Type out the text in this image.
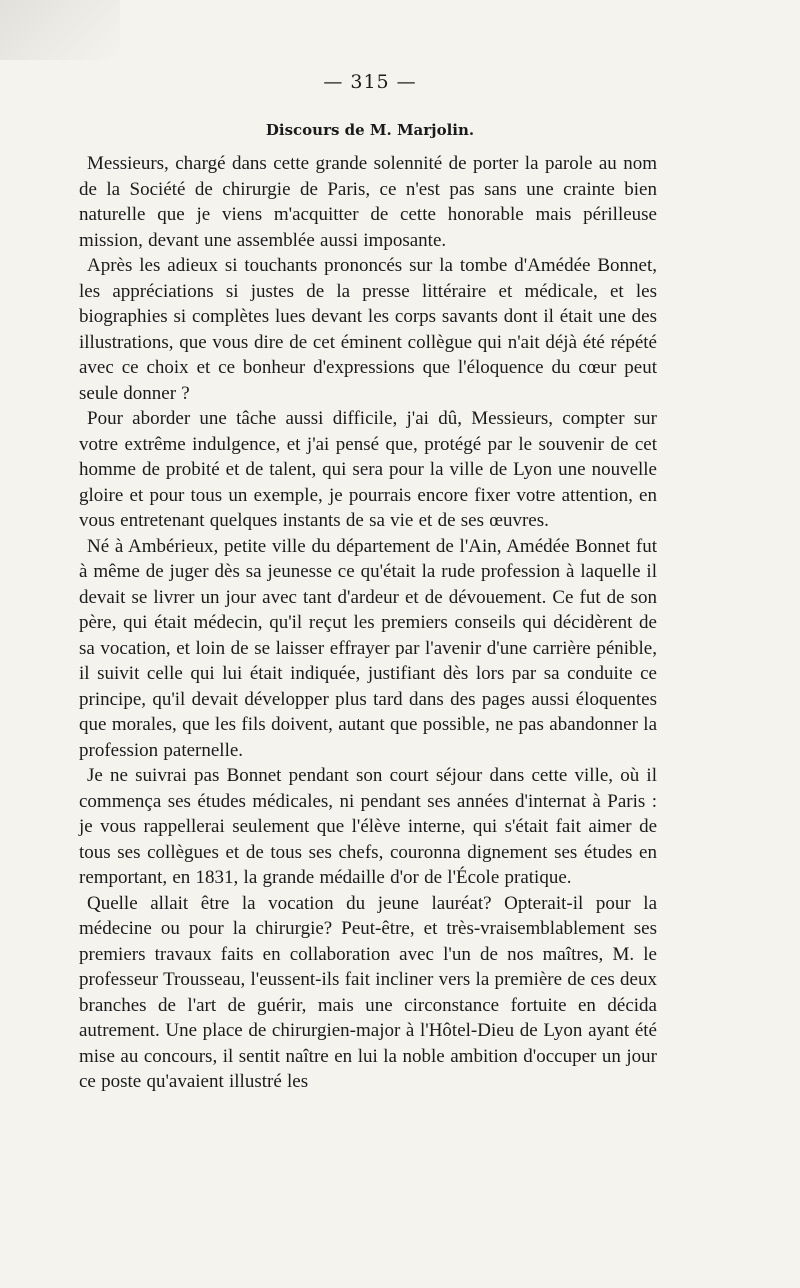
— 315 —
Discours de M. Marjolin.

Messieurs, chargé dans cette grande solennité de porter la parole au nom de la Société de chirurgie de Paris, ce n'est pas sans une crainte bien naturelle que je viens m'acquitter de cette honorable mais périlleuse mission, devant une assemblée aussi imposante.

Après les adieux si touchants prononcés sur la tombe d'Amédée Bonnet, les appréciations si justes de la presse littéraire et médicale, et les biographies si complètes lues devant les corps savants dont il était une des illustrations, que vous dire de cet éminent collègue qui n'ait déjà été répété avec ce choix et ce bonheur d'expressions que l'éloquence du cœur peut seule donner ?

Pour aborder une tâche aussi difficile, j'ai dû, Messieurs, compter sur votre extrême indulgence, et j'ai pensé que, protégé par le souvenir de cet homme de probité et de talent, qui sera pour la ville de Lyon une nouvelle gloire et pour tous un exemple, je pourrais encore fixer votre attention, en vous entretenant quelques instants de sa vie et de ses œuvres.

Né à Ambérieux, petite ville du département de l'Ain, Amédée Bonnet fut à même de juger dès sa jeunesse ce qu'était la rude profession à laquelle il devait se livrer un jour avec tant d'ardeur et de dévouement. Ce fut de son père, qui était médecin, qu'il reçut les premiers conseils qui décidèrent de sa vocation, et loin de se laisser effrayer par l'avenir d'une carrière pénible, il suivit celle qui lui était indiquée, justifiant dès lors par sa conduite ce principe, qu'il devait développer plus tard dans des pages aussi éloquentes que morales, que les fils doivent, autant que possible, ne pas abandonner la profession paternelle.

Je ne suivrai pas Bonnet pendant son court séjour dans cette ville, où il commença ses études médicales, ni pendant ses années d'internat à Paris : je vous rappellerai seulement que l'élève interne, qui s'était fait aimer de tous ses collègues et de tous ses chefs, couronna dignement ses études en remportant, en 1831, la grande médaille d'or de l'École pratique.

Quelle allait être la vocation du jeune lauréat? Opterait-il pour la médecine ou pour la chirurgie? Peut-être, et très-vraisemblablement ses premiers travaux faits en collaboration avec l'un de nos maîtres, M. le professeur Trousseau, l'eussent-ils fait incliner vers la première de ces deux branches de l'art de guérir, mais une circonstance fortuite en décida autrement. Une place de chirurgien-major à l'Hôtel-Dieu de Lyon ayant été mise au concours, il sentit naître en lui la noble ambition d'occuper un jour ce poste qu'avaient illustré les
